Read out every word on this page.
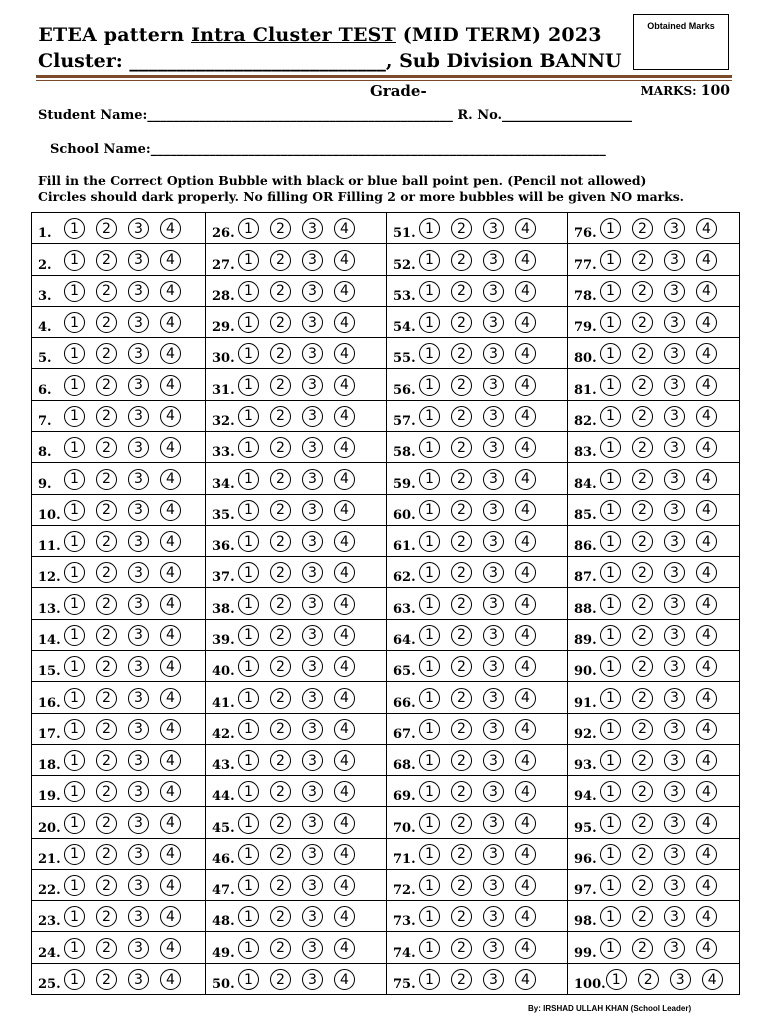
ETEA pattern Intra Cluster TEST (MID TERM) 2023
Cluster: ___________________________, Sub Division BANNU
Obtained Marks
Grade-	MARKS: 100
Student Name:_______________________________________________ R. No.____________________
School Name:______________________________________________________________________
Fill in the Correct Option Bubble with black or blue ball point pen. (Pencil not allowed)
Circles should dark properly. No filling OR Filling 2 or more bubbles will be given NO marks.
1.	1	2	3	4
2.	1	2	3	4
3.	1	2	3	4
4.	1	2	3	4
5.	1	2	3	4
6.	1	2	3	4
7.	1	2	3	4
8.	1	2	3	4
9.	1	2	3	4
10. 1	2	3	4
11. 1	2	3	4
12. 1	2	3	4
13. 1	2	3	4
14. 1	2	3	4
15. 1	2	3	4
16. 1	2	3	4
17. 1	2	3	4
18. 1	2	3	4
19. 1	2	3	4
20. 1	2	3	4
21. 1	2	3	4
22. 1	2	3	4
23. 1	2	3	4
24. 1	2	3	4
25. 1	2	3	4
26. 1	2	3	4
27. 1	2	3	4
28. 1	2	3	4
29. 1	2	3	4
30. 1	2	3	4
31. 1	2	3	4
32. 1	2	3	4
33. 1	2	3	4
34. 1	2	3	4
35. 1	2	3	4
36. 1	2	3	4
37. 1	2	3	4
38. 1	2	3	4
39. 1	2	3	4
40. 1	2	3	4
41. 1	2	3	4
42. 1	2	3	4
43. 1	2	3	4
44. 1	2	3	4
45. 1	2	3	4
46. 1	2	3	4
47. 1	2	3	4
48. 1	2	3	4
49. 1	2	3	4
50. 1	2	3	4
51. 1	2	3	4
52. 1	2	3	4
53. 1	2	3	4
54. 1	2	3	4
55. 1	2	3	4
56. 1	2	3	4
57. 1	2	3	4
58. 1	2	3	4
59. 1	2	3	4
60. 1	2	3	4
61. 1	2	3	4
62. 1	2	3	4
63. 1	2	3	4
64. 1	2	3	4
65. 1	2	3	4
66. 1	2	3	4
67. 1	2	3	4
68. 1	2	3	4
69. 1	2	3	4
70. 1	2	3	4
71. 1	2	3	4
72. 1	2	3	4
73. 1	2	3	4
74. 1	2	3	4
75. 1	2	3	4
76. 1	2	3	4
77. 1	2	3	4
78. 1	2	3	4
79. 1	2	3	4
80. 1	2	3	4
81. 1	2	3	4
82. 1	2	3	4
83. 1	2	3	4
84. 1	2	3	4
85. 1	2	3	4
86. 1	2	3	4
87. 1	2	3	4
88. 1	2	3	4
89. 1	2	3	4
90. 1	2	3	4
91. 1	2	3	4
92. 1	2	3	4
93. 1	2	3	4
94. 1	2	3	4
95. 1	2	3	4
96. 1	2	3	4
97. 1	2	3	4
98. 1	2	3	4
99. 1	2	3	4
100. 1	2	3	4
By: IRSHAD ULLAH KHAN (School Leader)
